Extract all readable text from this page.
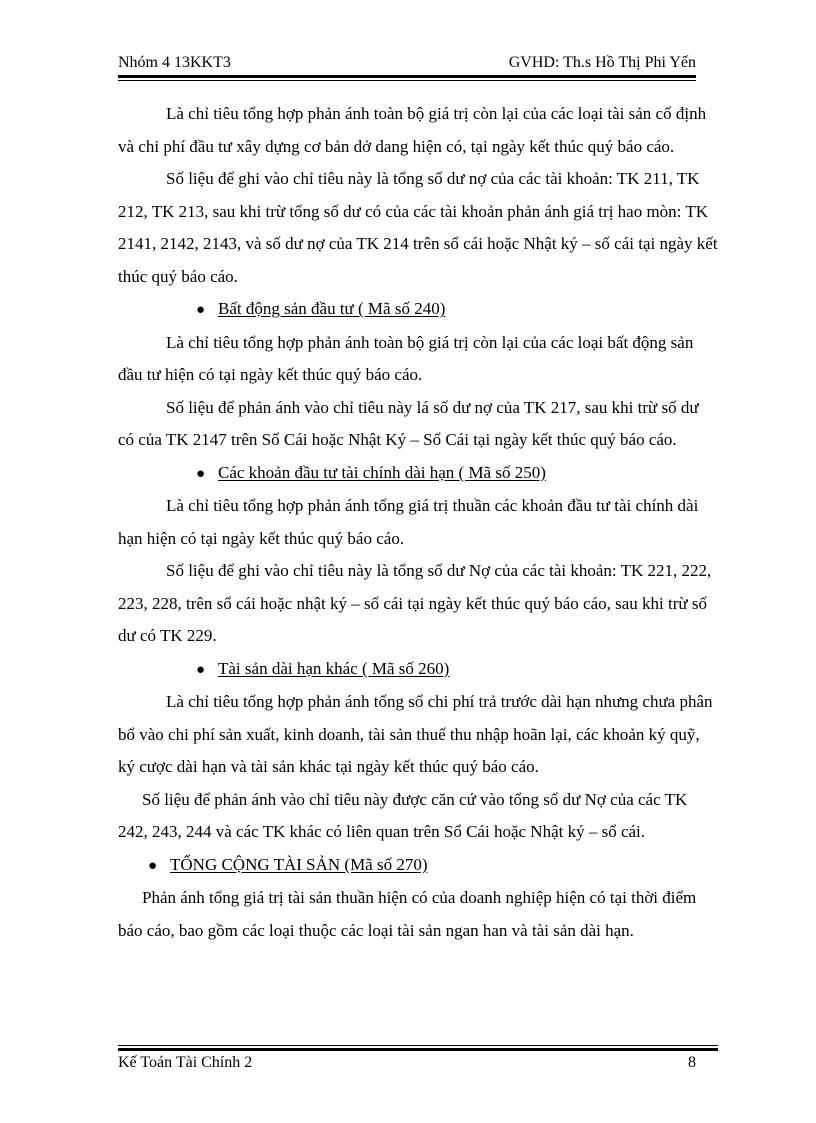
Nhóm 4 13KKT3	GVHD: Th.s Hồ Thị Phi Yến

Là chỉ tiêu tổng hợp phản ánh toàn bộ giá trị còn lại của các loại tài sản cố định và chi phí đầu tư xây dựng cơ bản dở dang hiện có, tại ngày kết thúc quý báo cáo.

Số liệu để ghi vào chỉ tiêu này là tổng số dư nợ của các tài khoản: TK 211, TK 212, TK 213, sau khi trừ tổng số dư có của các tài khoản phản ánh giá trị hao mòn: TK 2141, 2142, 2143, và số dư nợ của TK 214 trên sổ cái hoặc Nhật ký – số cái tại ngày kết thúc quý báo cáo.

● Bất động sản đầu tư ( Mã số 240)

Là chỉ tiêu tổng hợp phản ánh toàn bộ giá trị còn lại của các loại bất động sản đầu tư hiện có tại ngày kết thúc quý báo cáo.

Số liệu để phản ánh vào chỉ tiêu này lá số dư nợ của TK 217, sau khi trừ số dư có của TK 2147 trên Sổ Cái hoặc Nhật Ký – Sổ Cái tại ngày kết thúc quý báo cáo.

● Các khoản đầu tư tài chính dài hạn ( Mã số 250)

Là chỉ tiêu tổng hợp phản ánh tổng giá trị thuần các khoản đầu tư tài chính dài hạn hiện có tại ngày kết thúc quý báo cáo.

Số liệu để ghi vào chỉ tiêu này là tổng số dư Nợ của các tài khoản: TK 221, 222, 223, 228, trên sổ cái hoặc nhật ký – sổ cái tại ngày kết thúc quý báo cáo, sau khi trừ số dư có TK 229.

● Tài sản dài hạn khác ( Mã số 260)

Là chỉ tiêu tổng hợp phản ánh tổng số chi phí trả trước dài hạn nhưng chưa phân bổ vào chi phí sản xuất, kinh doanh, tài sản thuế thu nhập hoãn lại, các khoản ký quỹ, ký cược dài hạn và tài sản khác tại ngày kết thúc quý báo cáo.

Số liệu để phản ánh vào chỉ tiêu này được căn cứ vào tổng số dư Nợ của các TK 242, 243, 244 và các TK khác có liên quan trên Sổ Cái hoặc Nhật ký – sổ cái.

● TỔNG CỘNG TÀI SẢN (Mã số 270)

Phản ánh tổng giá trị tài sản thuần hiện có của doanh nghiệp hiện có tại thời điểm báo cáo, bao gồm các loại thuộc các loại tài sản ngan han và tài sản dài hạn.

Kế Toán Tài Chính 2	8
